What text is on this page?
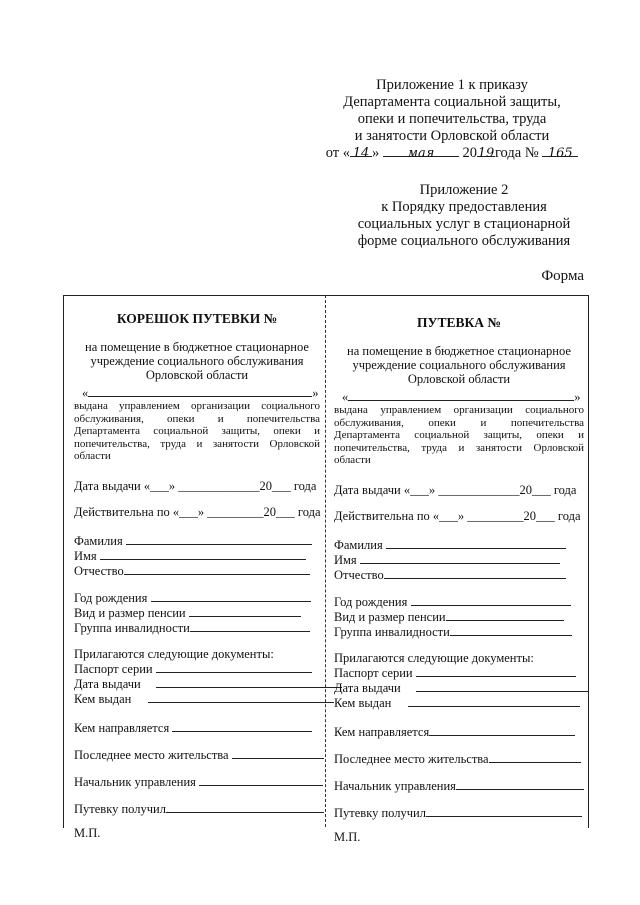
Приложение 1 к приказу
Департамента социальной защиты,
опеки и попечительства, труда
и занятости Орловской области
от « 14 » мая 2019года № 165
Приложение 2
к Порядку предоставления
социальных услуг в стационарной
форме социального обслуживания
Форма
КОРЕШОК ПУТЕВКИ №
на помещение в бюджетное стационарное
учреждение социального обслуживания
Орловской области
«	»
выдана управлением организации социального обслуживания, опеки и попечительства Департамента социальной защиты, опеки и попечительства, труда и занятости Орловской области
Дата выдачи «___» _____________20___ года
Действительна по «___» _________20___ года
Фамилия
Имя
Отчество
Год рождения
Вид и размер пенсии
Группа инвалидности
Прилагаются следующие документы:
Паспорт серии
Дата выдачи
Кем выдан
Кем направляется
Последнее место жительства
Начальник управления
Путевку получил
М.П.
ПУТЕВКА №
на помещение в бюджетное стационарное
учреждение социального обслуживания
Орловской области
«	»
выдана управлением организации социального обслуживания, опеки и попечительства Департамента социальной защиты, опеки и попечительства, труда и занятости Орловской области
Дата выдачи «___» _____________20___ года
Действительна по «___» _________20___ года
Фамилия
Имя
Отчество
Год рождения
Вид и размер пенсии
Группа инвалидности
Прилагаются следующие документы:
Паспорт серии
Дата выдачи
Кем выдан
Кем направляется
Последнее место жительства
Начальник управления
Путевку получил
М.П.
